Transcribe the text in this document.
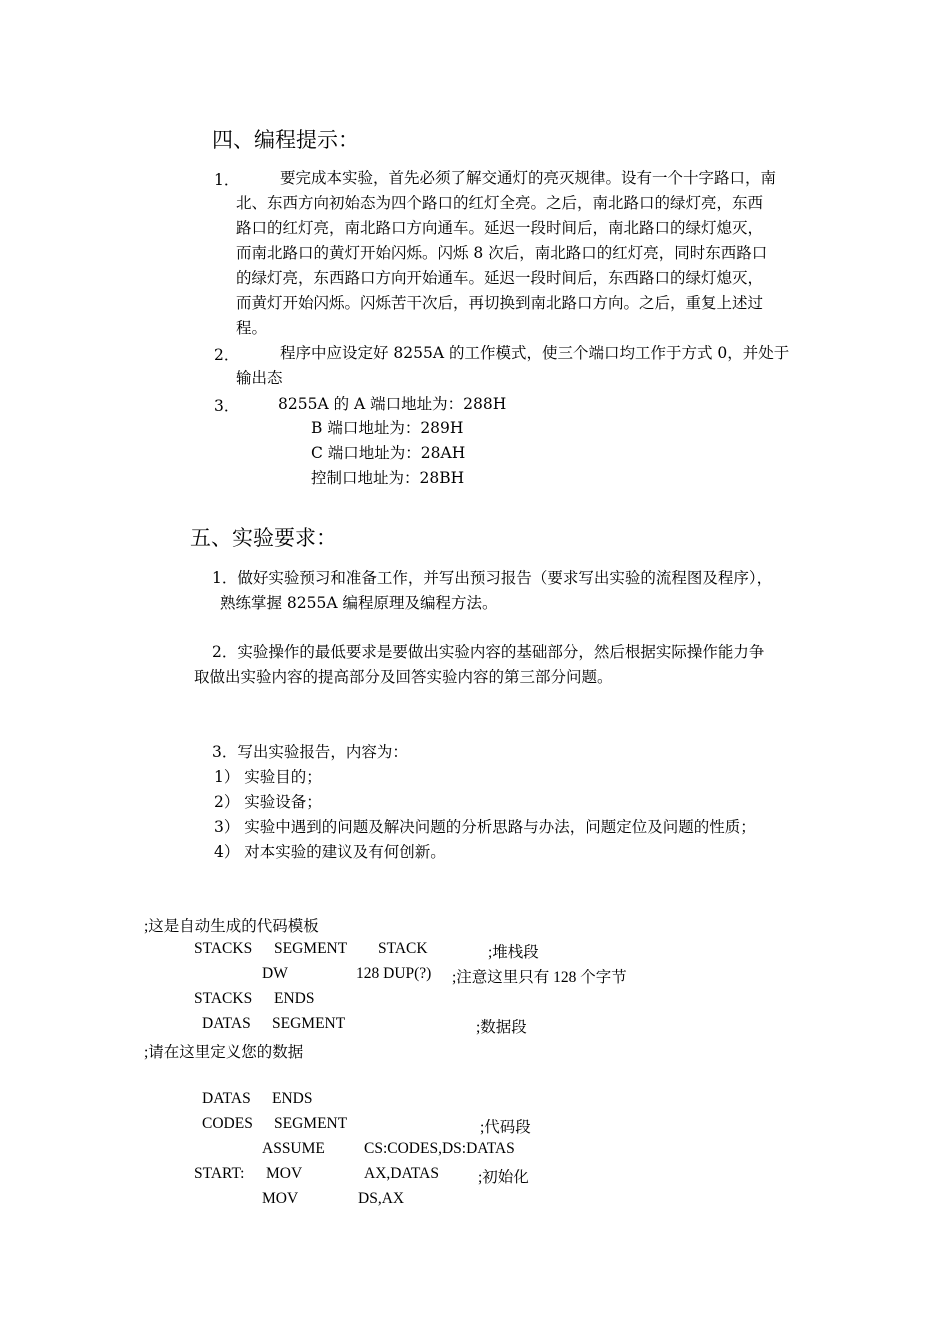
四、编程提示：
1．	要完成本实验，首先必须了解交通灯的亮灭规律。设有一个十字路口，南
北、东西方向初始态为四个路口的红灯全亮。之后，南北路口的绿灯亮，东西
路口的红灯亮，南北路口方向通车。延迟一段时间后，南北路口的绿灯熄灭，
而南北路口的黄灯开始闪烁。闪烁 8 次后，南北路口的红灯亮，同时东西路口
的绿灯亮，东西路口方向开始通车。延迟一段时间后，东西路口的绿灯熄灭，
而黄灯开始闪烁。闪烁苦干次后，再切换到南北路口方向。之后，重复上述过
程。
2．	程序中应设定好 8255A 的工作模式，使三个端口均工作于方式 0，并处于
输出态
3． 8255A 的 A 端口地址为：288H
B 端口地址为：289H
C 端口地址为：28AH
控制口地址为：28BH
五、实验要求：
1．做好实验预习和准备工作，并写出预习报告（要求写出实验的流程图及程序），
熟练掌握 8255A 编程原理及编程方法。
2．实验操作的最低要求是要做出实验内容的基础部分，然后根据实际操作能力争
取做出实验内容的提高部分及回答实验内容的第三部分问题。
3．写出实验报告，内容为：
1） 实验目的；
2） 实验设备；
3） 实验中遇到的问题及解决问题的分析思路与办法，问题定位及问题的性质；
4） 对本实验的建议及有何创新。
;这是自动生成的代码模板
STACKS SEGMENT STACK	;堆栈段
DW	128 DUP(?) ;注意这里只有 128 个字节
STACKS ENDS
DATAS SEGMENT	;数据段
;请在这里定义您的数据
DATAS ENDS
CODES SEGMENT	;代码段
ASSUME	CS:CODES,DS:DATAS
START: MOV	AX,DATAS	;初始化
MOV	DS,AX
